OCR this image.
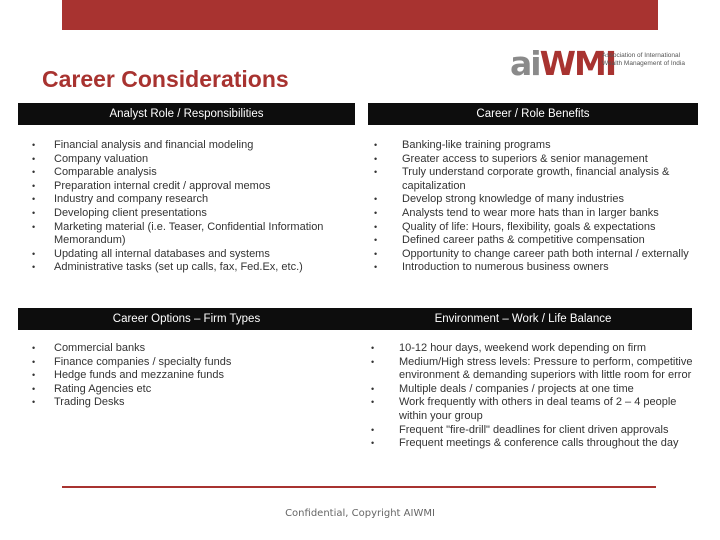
Career Considerations	aiWMI
Association of International Wealth Management of India
Analyst Role / Responsibilities
• Financial analysis and financial modeling
• Company valuation
• Comparable analysis
• Preparation internal credit / approval memos
• Industry and company research
• Developing client presentations
• Marketing material (i.e. Teaser, Confidential Information Memorandum)
• Updating all internal databases and systems
• Administrative tasks (set up calls, fax, Fed.Ex, etc.)
Career / Role Benefits
• Banking-like training programs
• Greater access to superiors & senior management
• Truly understand corporate growth, financial analysis & capitalization
• Develop strong knowledge of many industries
• Analysts tend to wear more hats than in larger banks
• Quality of life: Hours, flexibility, goals & expectations
• Defined career paths & competitive compensation
• Opportunity to change career path both internal / externally
• Introduction to numerous business owners
Career Options – Firm Types
• Commercial banks
• Finance companies / specialty funds
• Hedge funds and mezzanine funds
• Rating Agencies etc
• Trading Desks
Environment – Work / Life Balance
• 10-12 hour days, weekend work depending on firm
• Medium/High stress levels: Pressure to perform, competitive environment & demanding superiors with little room for error
• Multiple deals / companies / projects at one time
• Work frequently with others in deal teams of 2 – 4 people within your group
• Frequent "fire-drill" deadlines for client driven approvals
• Frequent meetings & conference calls throughout the day
Confidential, Copyright AIWMI
